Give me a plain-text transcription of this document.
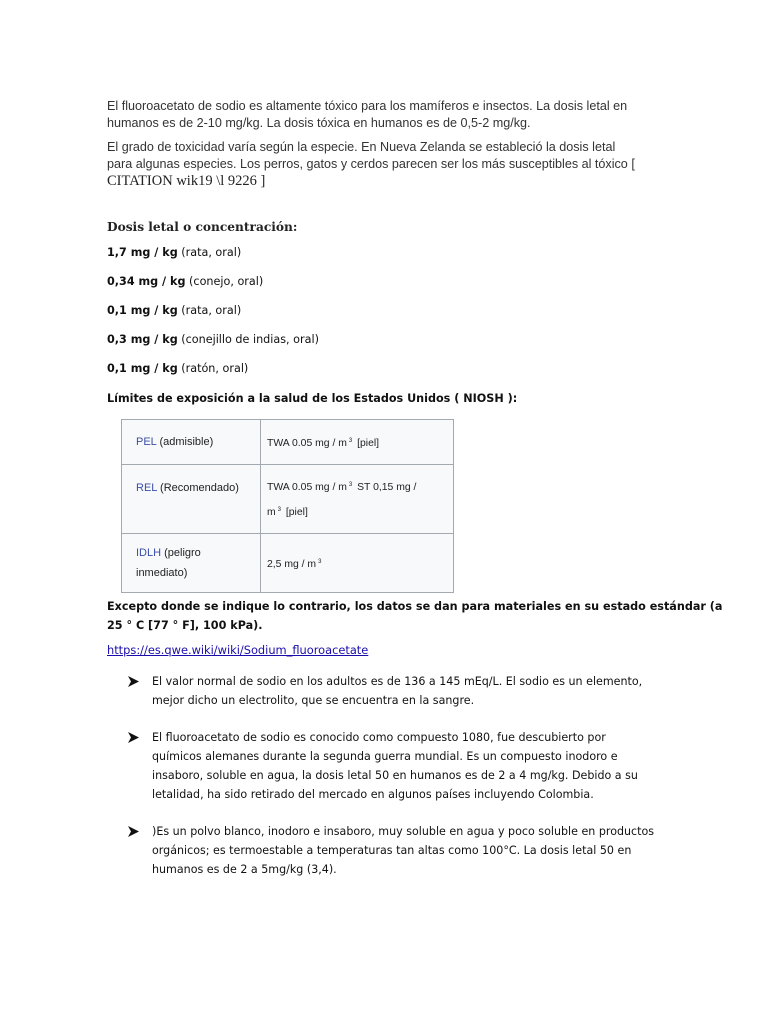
El fluoroacetato de sodio es altamente tóxico para los mamíferos e insectos. La dosis letal en
humanos es de 2-10 mg/kg. La dosis tóxica en humanos es de 0,5-2 mg/kg.

El grado de toxicidad varía según la especie. En Nueva Zelanda se estableció la dosis letal
para algunas especies. Los perros, gatos y cerdos parecen ser los más susceptibles al tóxico [
CITATION wik19 \l 9226 ]

Dosis letal o concentración:

1,7 mg / kg (rata, oral)
0,34 mg / kg (conejo, oral)
0,1 mg / kg (rata, oral)
0,3 mg / kg (conejillo de indias, oral)
0,1 mg / kg (ratón, oral)

Límites de exposición a la salud de los Estados Unidos ( NIOSH ):

PEL (admisible)	TWA 0.05 mg / m $^3$ [piel]
REL (Recomendado)	TWA 0.05 mg / m $^3$ ST 0,15 mg /
m $^3$ [piel]
IDLH (peligro
inmediato)	2,5 mg / m $^3$

Excepto donde se indique lo contrario, los datos se dan para materiales en su estado estándar (a
25 ° C [77 ° F], 100 kPa).

https://es.qwe.wiki/wiki/Sodium_fluoroacetate
El valor normal de sodio en los adultos es de 136 a 145 mEq/L. El sodio es un elemento,
mejor dicho un electrolito, que se encuentra en la sangre.
El fluoroacetato de sodio es conocido como compuesto 1080, fue descubierto por
químicos alemanes durante la segunda guerra mundial. Es un compuesto inodoro e
insaboro, soluble en agua, la dosis letal 50 en humanos es de 2 a 4 mg/kg. Debido a su
letalidad, ha sido retirado del mercado en algunos países incluyendo Colombia.
)Es un polvo blanco, inodoro e insaboro, muy soluble en agua y poco soluble en productos
orgánicos; es termoestable a temperaturas tan altas como 100°C. La dosis letal 50 en
humanos es de 2 a 5mg/kg (3,4).
